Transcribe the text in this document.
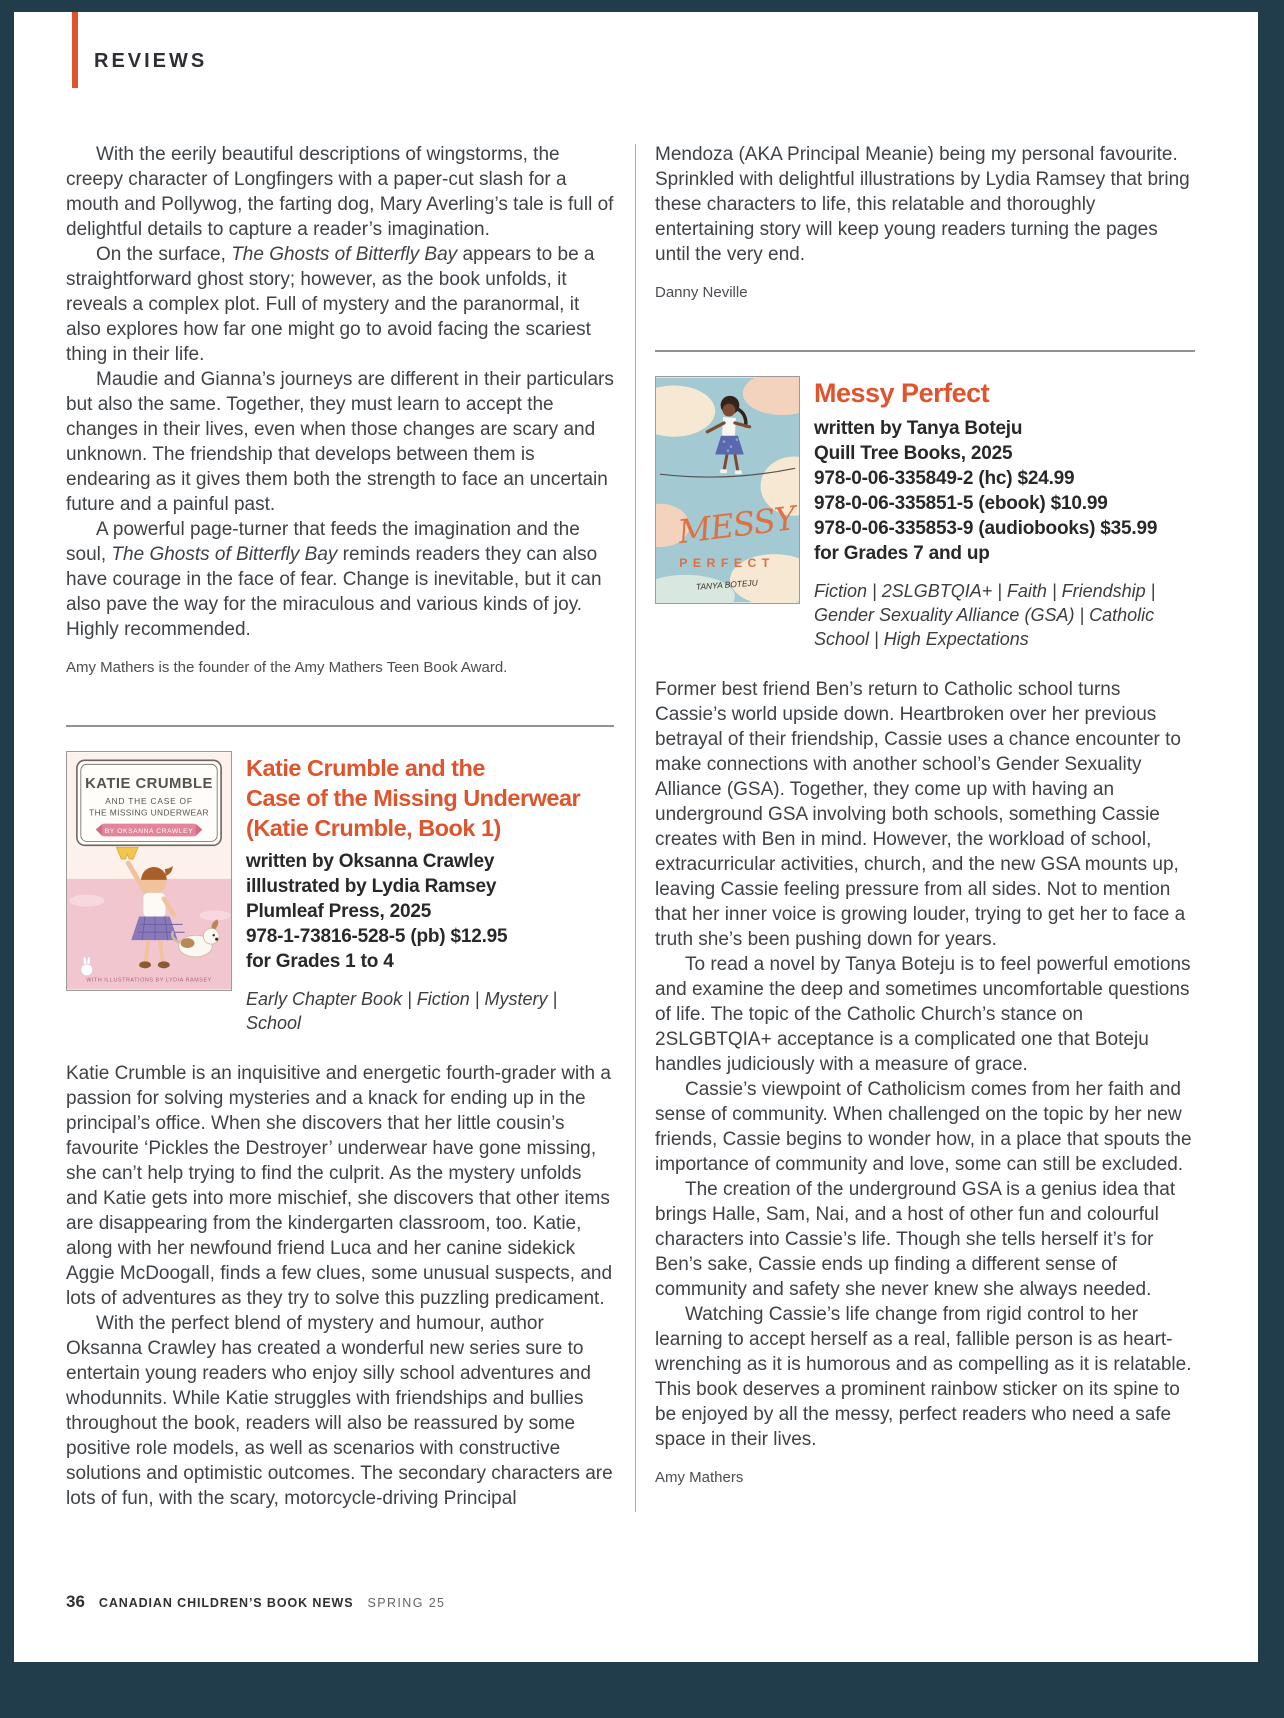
REVIEWS

With the eerily beautiful descriptions of wingstorms, the creepy character of Longfingers with a paper-cut slash for a mouth and Pollywog, the farting dog, Mary Averling’s tale is full of delightful details to capture a reader’s imagination.

On the surface, The Ghosts of Bitterfly Bay appears to be a straightforward ghost story; however, as the book unfolds, it reveals a complex plot. Full of mystery and the paranormal, it also explores how far one might go to avoid facing the scariest thing in their life.

Maudie and Gianna’s journeys are different in their particulars but also the same. Together, they must learn to accept the changes in their lives, even when those changes are scary and unknown. The friendship that develops between them is endearing as it gives them both the strength to face an uncertain future and a painful past.

A powerful page-turner that feeds the imagination and the soul, The Ghosts of Bitterfly Bay reminds readers they can also have courage in the face of fear. Change is inevitable, but it can also pave the way for the miraculous and various kinds of joy. Highly recommended.

Amy Mathers is the founder of the Amy Mathers Teen Book Award.

KATIE CRUMBLE
AND THE CASE OF
THE MISSING UNDERWEAR
BY OKSANNA CRAWLEY
WITH ILLUSTRATIONS BY LYDIA RAMSEY
Katie Crumble and the
Case of the Missing Underwear
(Katie Crumble, Book 1)
written by Oksanna Crawley
illlustrated by Lydia Ramsey
Plumleaf Press, 2025
978-1-73816-528-5 (pb) $12.95
for Grades 1 to 4
Early Chapter Book | Fiction | Mystery | School

Katie Crumble is an inquisitive and energetic fourth-grader with a passion for solving mysteries and a knack for ending up in the principal’s office. When she discovers that her little cousin’s favourite ‘Pickles the Destroyer’ underwear have gone missing, she can’t help trying to find the culprit. As the mystery unfolds and Katie gets into more mischief, she discovers that other items are disappearing from the kindergarten classroom, too. Katie, along with her newfound friend Luca and her canine sidekick Aggie McDoogall, finds a few clues, some unusual suspects, and lots of adventures as they try to solve this puzzling predicament.

With the perfect blend of mystery and humour, author Oksanna Crawley has created a wonderful new series sure to entertain young readers who enjoy silly school adventures and whodunnits. While Katie struggles with friendships and bullies throughout the book, readers will also be reassured by some positive role models, as well as scenarios with constructive solutions and optimistic outcomes. The secondary characters are lots of fun, with the scary, motorcycle-driving Principal

Mendoza (AKA Principal Meanie) being my personal favourite. Sprinkled with delightful illustrations by Lydia Ramsey that bring these characters to life, this relatable and thoroughly entertaining story will keep young readers turning the pages until the very end.

Danny Neville

MESSY
PERFECT
TANYA BOTEJU
Messy Perfect
written by Tanya Boteju
Quill Tree Books, 2025
978-0-06-335849-2 (hc) $24.99
978-0-06-335851-5 (ebook) $10.99
978-0-06-335853-9 (audiobooks) $35.99
for Grades 7 and up
Fiction | 2SLGBTQIA+ | Faith | Friendship | Gender Sexuality Alliance (GSA) | Catholic School | High Expectations

Former best friend Ben’s return to Catholic school turns Cassie’s world upside down. Heartbroken over her previous betrayal of their friendship, Cassie uses a chance encounter to make connections with another school’s Gender Sexuality Alliance (GSA). Together, they come up with having an underground GSA involving both schools, something Cassie creates with Ben in mind. However, the workload of school, extracurricular activities, church, and the new GSA mounts up, leaving Cassie feeling pressure from all sides. Not to mention that her inner voice is growing louder, trying to get her to face a truth she’s been pushing down for years.

To read a novel by Tanya Boteju is to feel powerful emotions and examine the deep and sometimes uncomfortable questions of life. The topic of the Catholic Church’s stance on 2SLGBTQIA+ acceptance is a complicated one that Boteju handles judiciously with a measure of grace.

Cassie’s viewpoint of Catholicism comes from her faith and sense of community. When challenged on the topic by her new friends, Cassie begins to wonder how, in a place that spouts the importance of community and love, some can still be excluded.

The creation of the underground GSA is a genius idea that brings Halle, Sam, Nai, and a host of other fun and colourful characters into Cassie’s life. Though she tells herself it’s for Ben’s sake, Cassie ends up finding a different sense of community and safety she never knew she always needed.

Watching Cassie’s life change from rigid control to her learning to accept herself as a real, fallible person is as heart-wrenching as it is humorous and as compelling as it is relatable. This book deserves a prominent rainbow sticker on its spine to be enjoyed by all the messy, perfect readers who need a safe space in their lives.

Amy Mathers

36 CANADIAN CHILDREN’S BOOK NEWS SPRING 25
